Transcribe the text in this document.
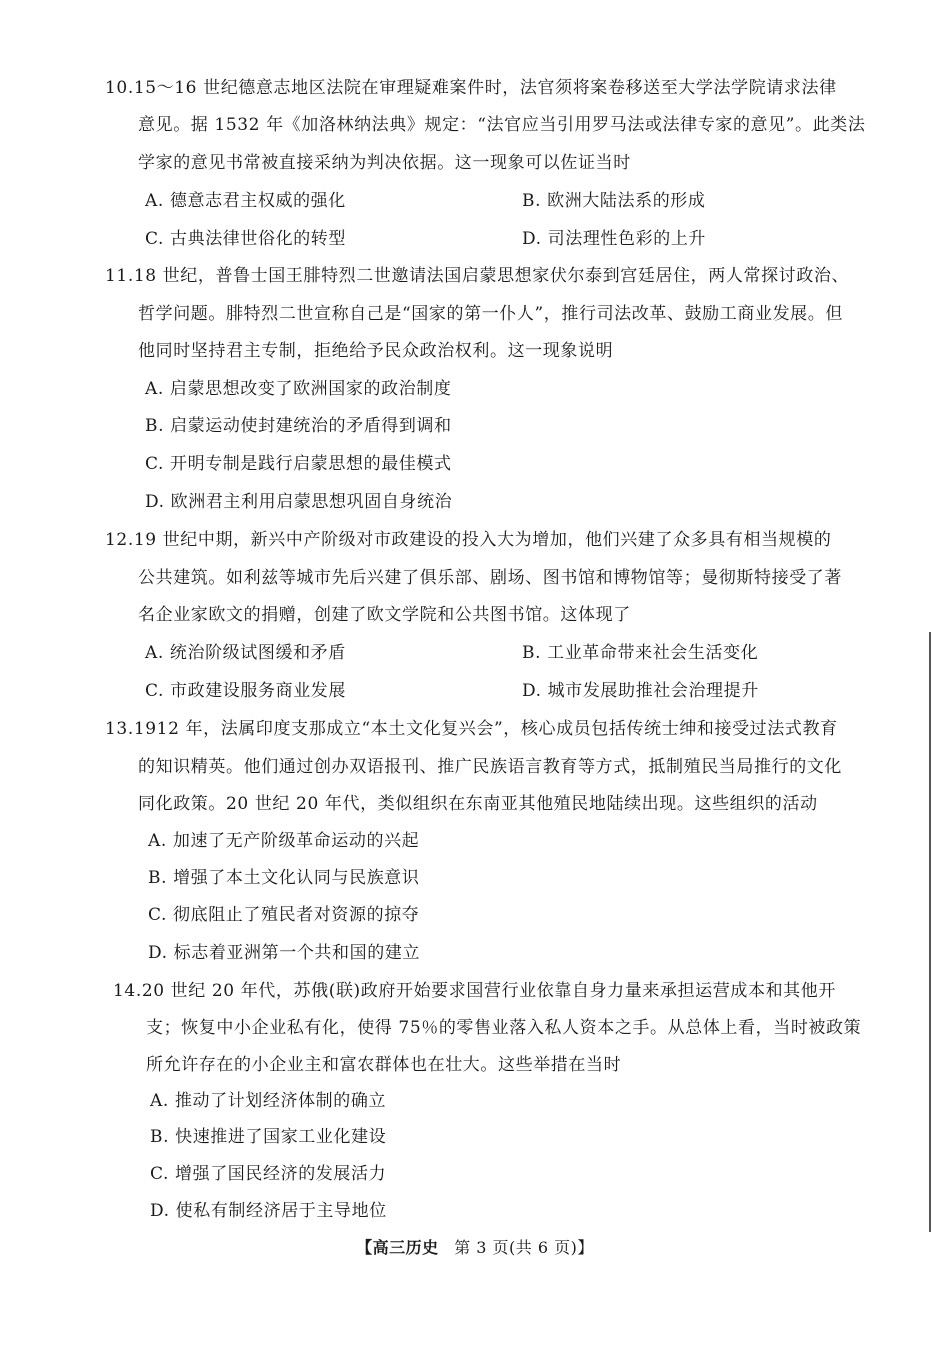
10.15～16 世纪德意志地区法院在审理疑难案件时，法官须将案卷移送至大学法学院请求法律
意见。据 1532 年《加洛林纳法典》规定：“法官应当引用罗马法或法律专家的意见”。此类法
学家的意见书常被直接采纳为判决依据。这一现象可以佐证当时
A. 德意志君主权威的强化	B. 欧洲大陆法系的形成
C. 古典法律世俗化的转型	D. 司法理性色彩的上升
11.18 世纪，普鲁士国王腓特烈二世邀请法国启蒙思想家伏尔泰到宫廷居住，两人常探讨政治、
哲学问题。腓特烈二世宣称自己是“国家的第一仆人”，推行司法改革、鼓励工商业发展。但
他同时坚持君主专制，拒绝给予民众政治权利。这一现象说明
A. 启蒙思想改变了欧洲国家的政治制度
B. 启蒙运动使封建统治的矛盾得到调和
C. 开明专制是践行启蒙思想的最佳模式
D. 欧洲君主利用启蒙思想巩固自身统治
12.19 世纪中期，新兴中产阶级对市政建设的投入大为增加，他们兴建了众多具有相当规模的
公共建筑。如利兹等城市先后兴建了俱乐部、剧场、图书馆和博物馆等；曼彻斯特接受了著
名企业家欧文的捐赠，创建了欧文学院和公共图书馆。这体现了
A. 统治阶级试图缓和矛盾	B. 工业革命带来社会生活变化
C. 市政建设服务商业发展	D. 城市发展助推社会治理提升
13.1912 年，法属印度支那成立“本土文化复兴会”，核心成员包括传统士绅和接受过法式教育
的知识精英。他们通过创办双语报刊、推广民族语言教育等方式，抵制殖民当局推行的文化
同化政策。20 世纪 20 年代，类似组织在东南亚其他殖民地陆续出现。这些组织的活动
A. 加速了无产阶级革命运动的兴起
B. 增强了本土文化认同与民族意识
C. 彻底阻止了殖民者对资源的掠夺
D. 标志着亚洲第一个共和国的建立
14.20 世纪 20 年代，苏俄(联)政府开始要求国营行业依靠自身力量来承担运营成本和其他开
支；恢复中小企业私有化，使得 75％的零售业落入私人资本之手。从总体上看，当时被政策
所允许存在的小企业主和富农群体也在壮大。这些举措在当时
A. 推动了计划经济体制的确立
B. 快速推进了国家工业化建设
C. 增强了国民经济的发展活力
D. 使私有制经济居于主导地位
【高三历史 第 3 页(共 6 页)】
